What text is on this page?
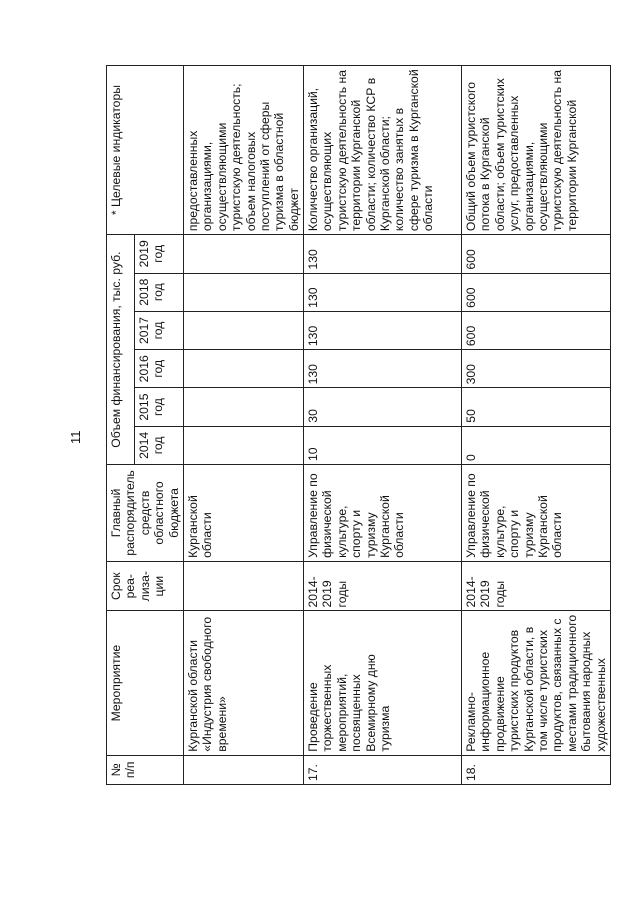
11
№ п/п	Мероприятие	Срок реа-лиза-ции	Главный распорядитель средств областного бюджета	Объем финансирования, тыс. руб.						* Целевые индикаторы
				2014 год	2015 год	2016 год	2017 год	2018 год	2019 год	
	Курганской области «Индустрия свободного времени»		Курганской области							предоставленных организациями, осуществляющими туристскую деятельность; объем налоговых поступлений от сферы туризма в областной бюджет
17.	Проведение торжественных мероприятий, посвященных Всемирному дню туризма	2014-2019 годы	Управление по физической культуре, спорту и туризму Курганской области	10	30	130	130	130	130	Количество организаций, осуществляющих туристскую деятельность на территории Курганской области; количество КСР в Курганской области; количество занятых в сфере туризма в Курганской области
18.	Рекламно-информационное продвижение туристских продуктов Курганской области, в том числе туристских продуктов, связанных с местами традиционного бытования народных художественных	2014-2019 годы	Управление по физической культуре, спорту и туризму Курганской области	0	50	300	600	600	600	Общий объем туристского потока в Курганской области; объем туристских услуг, предоставленных организациями, осуществляющими туристскую деятельность на территории Курганской
